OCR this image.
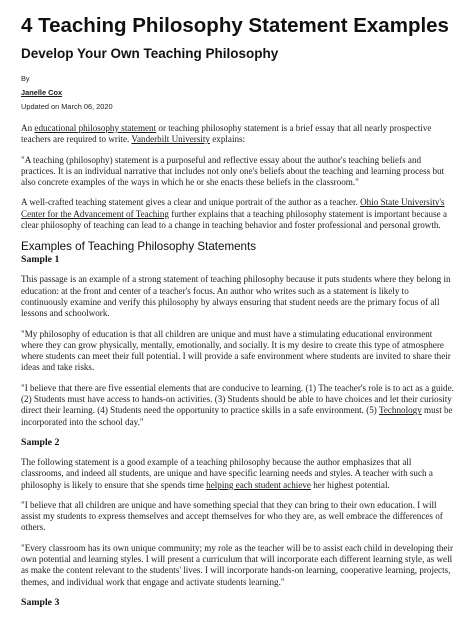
4 Teaching Philosophy Statement Examples
Develop Your Own Teaching Philosophy
By
Janelle Cox
Updated on March 06, 2020

An educational philosophy statement or teaching philosophy statement is a brief essay that all nearly prospective teachers are required to write. Vanderbilt University explains:

"A teaching (philosophy) statement is a purposeful and reflective essay about the author's teaching beliefs and practices. It is an individual narrative that includes not only one's beliefs about the teaching and learning process but also concrete examples of the ways in which he or she enacts these beliefs in the classroom."

A well-crafted teaching statement gives a clear and unique portrait of the author as a teacher. Ohio State University's Center for the Advancement of Teaching further explains that a teaching philosophy statement is important because a clear philosophy of teaching can lead to a change in teaching behavior and foster professional and personal growth.

Examples of Teaching Philosophy Statements
Sample 1

This passage is an example of a strong statement of teaching philosophy because it puts students where they belong in education: at the front and center of a teacher's focus. An author who writes such as a statement is likely to continuously examine and verify this philosophy by always ensuring that student needs are the primary focus of all lessons and schoolwork.

"My philosophy of education is that all children are unique and must have a stimulating educational environment where they can grow physically, mentally, emotionally, and socially. It is my desire to create this type of atmosphere where students can meet their full potential. I will provide a safe environment where students are invited to share their ideas and take risks.

"I believe that there are five essential elements that are conducive to learning. (1) The teacher's role is to act as a guide. (2) Students must have access to hands-on activities. (3) Students should be able to have choices and let their curiosity direct their learning. (4) Students need the opportunity to practice skills in a safe environment. (5) Technology must be incorporated into the school day."

Sample 2

The following statement is a good example of a teaching philosophy because the author emphasizes that all classrooms, and indeed all students, are unique and have specific learning needs and styles. A teacher with such a philosophy is likely to ensure that she spends time helping each student achieve her highest potential.

"I believe that all children are unique and have something special that they can bring to their own education. I will assist my students to express themselves and accept themselves for who they are, as well embrace the differences of others.

"Every classroom has its own unique community; my role as the teacher will be to assist each child in developing their own potential and learning styles. I will present a curriculum that will incorporate each different learning style, as well as make the content relevant to the students' lives. I will incorporate hands-on learning, cooperative learning, projects, themes, and individual work that engage and activate students learning."

Sample 3
